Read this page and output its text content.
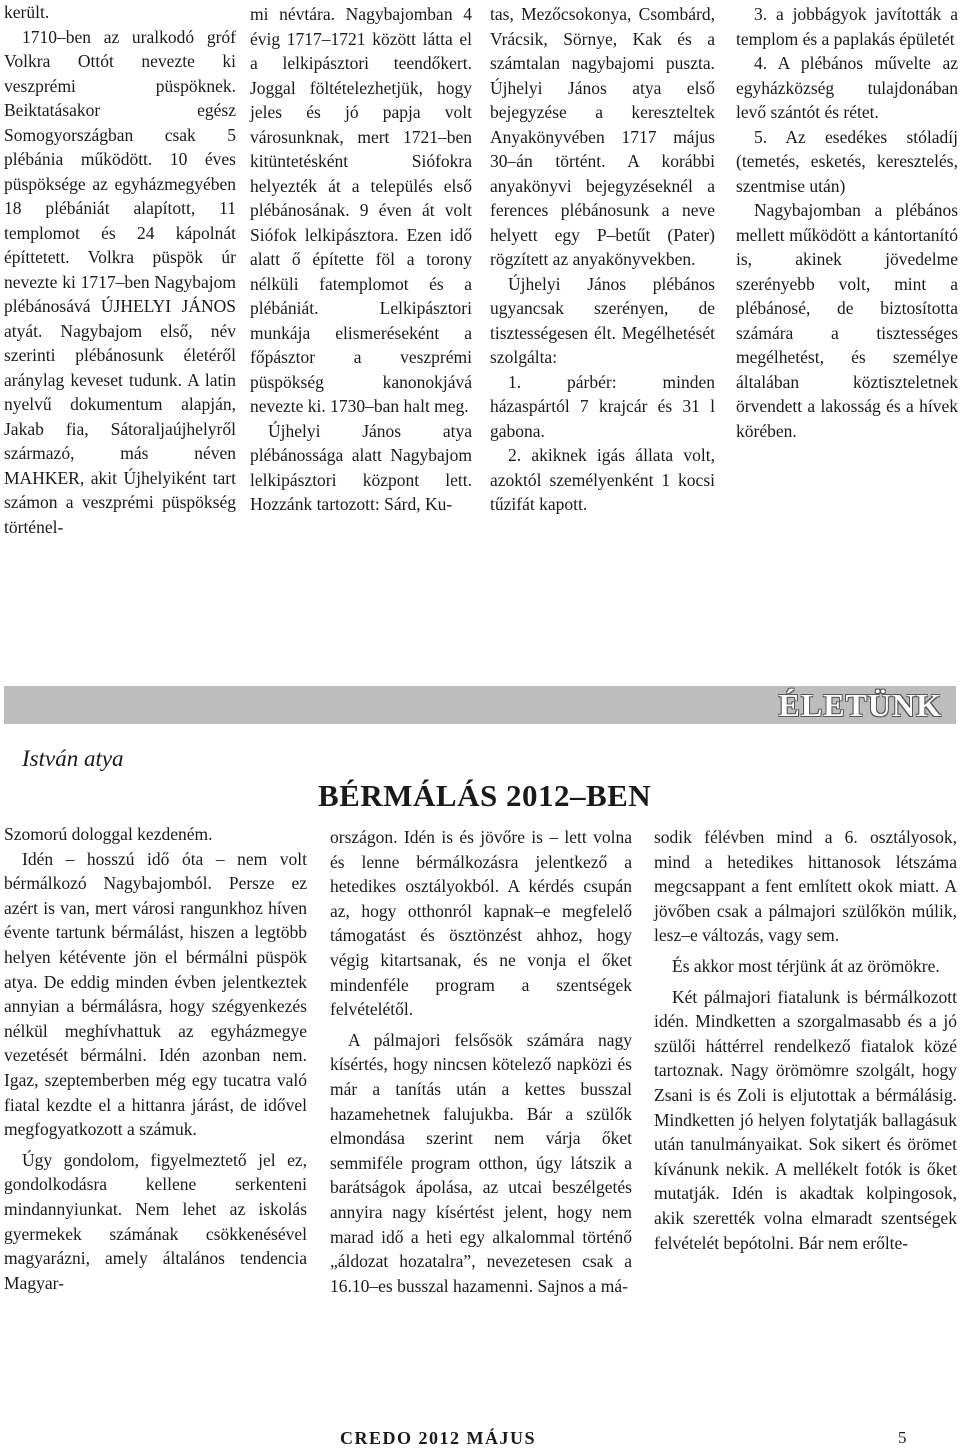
került.

1710–ben az uralkodó gróf Volkra Ottót nevezte ki veszprémi püspöknek. Beiktatásakor egész Somogyországban csak 5 plébánia működött. 10 éves püspöksége az egyházmegyében 18 plébániát alapított, 11 templomot és 24 kápolnát építtetett. Volkra püspök úr nevezte ki 1717–ben Nagybajom plébánosává ÚJHELYI JÁNOS atyát. Nagybajom első, név szerinti plébánosunk életéről aránylag keveset tudunk. A latin nyelvű dokumentum alapján, Jakab fia, Sátoraljaújhelyről származó, más néven MAHKER, akit Újhelyiként tart számon a veszprémi püspökség történel-

mi névtára. Nagybajomban 4 évig 1717–1721 között látta el a lelkipásztori teendőkert. Joggal föltételezhetjük, hogy jeles és jó papja volt városunknak, mert 1721–ben kitüntetésként Siófokra helyezték át a település első plébánosának. 9 éven át volt Siófok lelkipásztora. Ezen idő alatt ő építette föl a torony nélküli fatemplomot és a plébániát. Lelkipásztori munkája elismeréseként a főpásztor a veszprémi püspökség kanonokjává nevezte ki. 1730–ban halt meg.

Újhelyi János atya plébánossága alatt Nagybajom lelkipásztori központ lett. Hozzánk tartozott: Sárd, Ku-

tas, Mezőcsokonya, Csombárd, Vrácsik, Sörnye, Kak és a számtalan nagybajomi puszta. Újhelyi János atya első bejegyzése a kereszteltek Anyakönyvében 1717 május 30–án történt. A korábbi anyakönyvi bejegyzéseknél a ferences plébánosunk a neve helyett egy P–betűt (Pater) rögzített az anyakönyvekben.

Újhelyi János plébános ugyancsak szerényen, de tisztességesen élt. Megélhetését szolgálta:

1. párbér: minden házaspártól 7 krajcár és 31 l gabona.

2. akiknek igás állata volt, azoktól személyenként 1 kocsi tűzifát kapott.

3. a jobbágyok javították a templom és a paplakás épületét

4. A plébános művelte az egyházközség tulajdonában levő szántót és rétet.

5. Az esedékes stóladíj (temetés, esketés, keresztelés, szentmise után)

Nagybajomban a plébános mellett működött a kántortanító is, akinek jövedelme szerényebb volt, mint a plébánosé, de biztosította számára a tisztességes megélhetést, és személye általában köztiszteletnek örvendett a lakosság és a hívek körében.

ÉLETÜNK
István atya
BÉRMÁLÁS 2012–BEN

Szomorú dologgal kezdeném.

Idén – hosszú idő óta – nem volt bérmálkozó Nagybajomból. Persze ez azért is van, mert városi rangunkhoz híven évente tartunk bérmálást, hiszen a legtöbb helyen kétévente jön el bérmálni püspök atya. De eddig minden évben jelentkeztek annyian a bérmálásra, hogy szégyenkezés nélkül meghívhattuk az egyházmegye vezetését bérmálni. Idén azonban nem. Igaz, szeptemberben még egy tucatra való fiatal kezdte el a hittanra járást, de idővel megfogyatkozott a számuk.

Úgy gondolom, figyelmeztető jel ez, gondolkodásra kellene serkenteni mindannyiunkat. Nem lehet az iskolás gyermekek számának csökkenésével magyarázni, amely általános tendencia Magyar-

országon. Idén is és jövőre is – lett volna és lenne bérmálkozásra jelentkező a hetedikes osztályokból. A kérdés csupán az, hogy otthonról kapnak–e megfelelő támogatást és ösztönzést ahhoz, hogy végig kitartsanak, és ne vonja el őket mindenféle program a szentségek felvételétől.

A pálmajori felsősök számára nagy kísértés, hogy nincsen kötelező napközi és már a tanítás után a kettes busszal hazamehetnek falujukba. Bár a szülők elmondása szerint nem várja őket semmiféle program otthon, úgy látszik a barátságok ápolása, az utcai beszélgetés annyira nagy kísértést jelent, hogy nem marad idő a heti egy alkalommal történő „áldozat hozatalra”, nevezetesen csak a 16.10–es busszal hazamenni. Sajnos a má-

sodik félévben mind a 6. osztályosok, mind a hetedikes hittanosok létszáma megcsappant a fent említett okok miatt. A jövőben csak a pálmajori szülőkön múlik, lesz–e változás, vagy sem.

És akkor most térjünk át az örömökre.

Két pálmajori fiatalunk is bérmálkozott idén. Mindketten a szorgalmasabb és a jó szülői háttérrel rendelkező fiatalok közé tartoznak. Nagy örömömre szolgált, hogy Zsani is és Zoli is eljutottak a bérmálásig. Mindketten jó helyen folytatják ballagásuk után tanulmányaikat. Sok sikert és örömet kívánunk nekik. A mellékelt fotók is őket mutatják. Idén is akadtak kolpingosok, akik szerették volna elmaradt szentségek felvételét bepótolni. Bár nem erőlte-

CREDO 2012 MÁJUS	5
